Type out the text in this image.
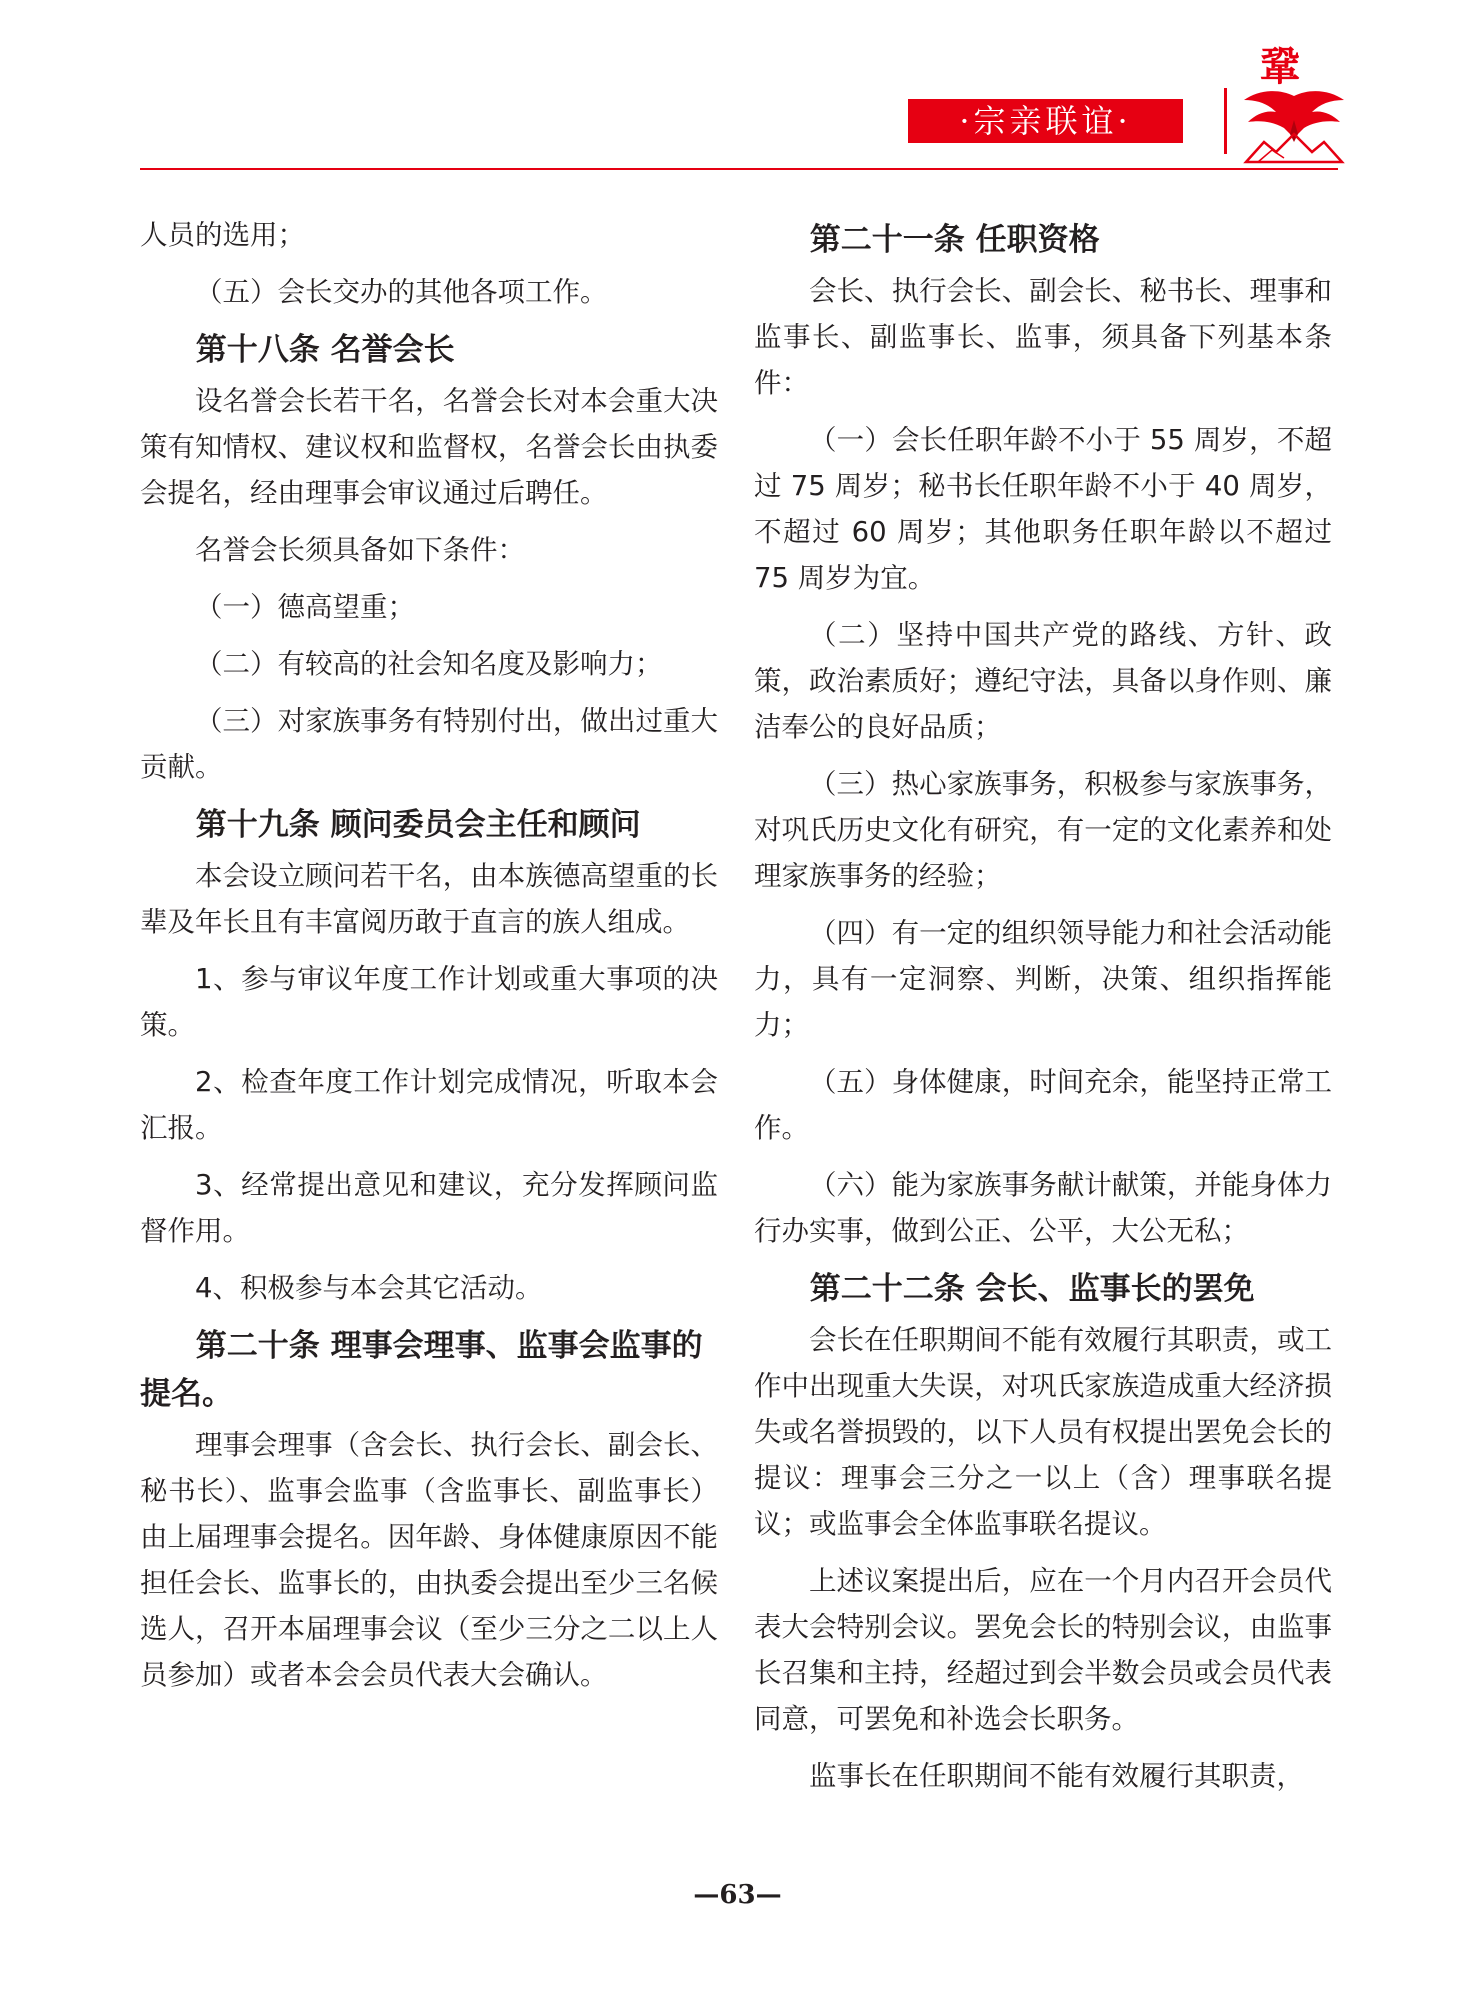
·宗亲联谊·
鞏

人员的选用；

（五）会长交办的其他各项工作。

第十八条 名誉会长

设名誉会长若干名，名誉会长对本会重大决策有知情权、建议权和监督权，名誉会长由执委会提名，经由理事会审议通过后聘任。

名誉会长须具备如下条件：

（一）德高望重；

（二）有较高的社会知名度及影响力；

（三）对家族事务有特别付出，做出过重大贡献。

第十九条 顾问委员会主任和顾问

本会设立顾问若干名，由本族德高望重的长辈及年长且有丰富阅历敢于直言的族人组成。

1、参与审议年度工作计划或重大事项的决策。

2、检查年度工作计划完成情况，听取本会汇报。

3、经常提出意见和建议，充分发挥顾问监督作用。

4、积极参与本会其它活动。

第二十条 理事会理事、监事会监事的提名。

理事会理事（含会长、执行会长、副会长、秘书长）、监事会监事（含监事长、副监事长）由上届理事会提名。因年龄、身体健康原因不能担任会长、监事长的，由执委会提出至少三名候选人，召开本届理事会议（至少三分之二以上人员参加）或者本会会员代表大会确认。

第二十一条 任职资格

会长、执行会长、副会长、秘书长、理事和监事长、副监事长、监事，须具备下列基本条件：

（一）会长任职年龄不小于 55 周岁，不超过 75 周岁；秘书长任职年龄不小于 40 周岁，不超过 60 周岁；其他职务任职年龄以不超过 75 周岁为宜。

（二）坚持中国共产党的路线、方针、政策，政治素质好；遵纪守法，具备以身作则、廉洁奉公的良好品质；

（三）热心家族事务，积极参与家族事务，对巩氏历史文化有研究，有一定的文化素养和处理家族事务的经验；

（四）有一定的组织领导能力和社会活动能力，具有一定洞察、判断，决策、组织指挥能力；

（五）身体健康，时间充余，能坚持正常工作。

（六）能为家族事务献计献策，并能身体力行办实事，做到公正、公平，大公无私；

第二十二条 会长、监事长的罢免

会长在任职期间不能有效履行其职责，或工作中出现重大失误，对巩氏家族造成重大经济损失或名誉损毁的，以下人员有权提出罢免会长的提议：理事会三分之一以上（含）理事联名提议；或监事会全体监事联名提议。

上述议案提出后，应在一个月内召开会员代表大会特别会议。罢免会长的特别会议，由监事长召集和主持，经超过到会半数会员或会员代表同意，可罢免和补选会长职务。

监事长在任职期间不能有效履行其职责，

—63—
